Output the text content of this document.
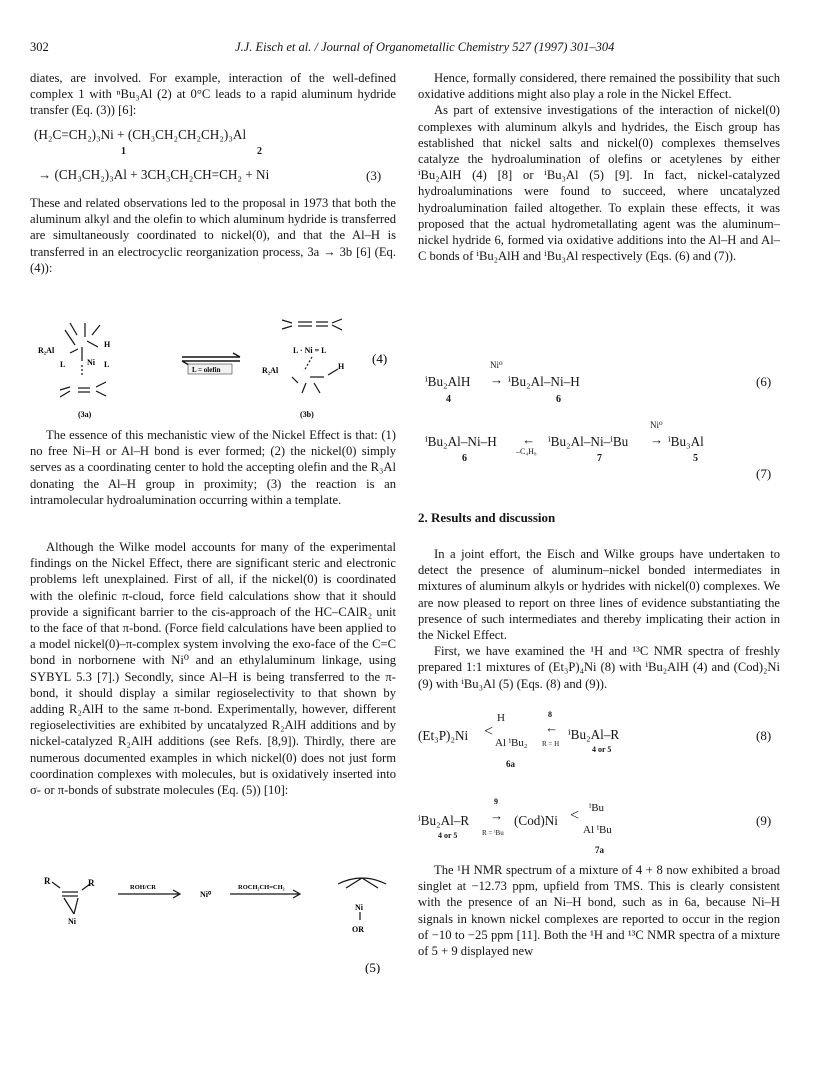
302	J.J. Eisch et al. / Journal of Organometallic Chemistry 527 (1997) 301–304

diates, are involved. For example, interaction of the well-defined complex 1 with ⁿBu₃Al (2) at 0°C leads to a rapid aluminum hydride transfer (Eq. (3)) [6]:

(H₂C=CH₂)₃Ni + (CH₃CH₂CH₂CH₂)₃Al
1	2
→ (CH₃CH₂)₃Al + 3CH₃CH₂CH=CH₂ + Ni	(3)

These and related observations led to the proposal in 1973 that both the aluminum alkyl and the olefin to which aluminum hydride is transferred are simultaneously coordinated to nickel(0), and that the Al–H is transferred in an electrocyclic reorganization process, 3a → 3b [6] (Eq. (4)):

R₂Al
H
Ni
L	L
(3a)
L = olefin
L · Ni = L
R₂Al	H
(3b)
(4)

The essence of this mechanistic view of the Nickel Effect is that: (1) no free Ni–H or Al–H bond is ever formed; (2) the nickel(0) simply serves as a coordinating center to hold the accepting olefin and the R₃Al donating the Al–H group in proximity; (3) the reaction is an intramolecular hydroalumination occurring within a template.

Although the Wilke model accounts for many of the experimental findings on the Nickel Effect, there are significant steric and electronic problems left unexplained. First of all, if the nickel(0) is coordinated with the olefinic π-cloud, force field calculations show that it should provide a significant barrier to the cis-approach of the HC–CAlR₂ unit to the face of that π-bond. (Force field calculations have been applied to a model nickel(0)–π-complex system involving the exo-face of the C=C bond in norbornene with Ni⁰ and an ethylaluminum linkage, using SYBYL 5.3 [7].) Secondly, since Al–H is being transferred to the π-bond, it should display a similar regioselectivity to that shown by adding R₂AlH to the same π-bond. Experimentally, however, different regioselectivities are exhibited by uncatalyzed R₂AlH additions and by nickel-catalyzed R₂AlH additions (see Refs. [8,9]). Thirdly, there are numerous documented examples in which nickel(0) does not just form coordination complexes with molecules, but is oxidatively inserted into σ- or π-bonds of substrate molecules (Eq. (5)) [10]:

R	R
Ni
ROH/CR
Ni⁰
ROCH₂CH=CH₂
Ni
OR
(5)

Hence, formally considered, there remained the possibility that such oxidative additions might also play a role in the Nickel Effect.

As part of extensive investigations of the interaction of nickel(0) complexes with aluminum alkyls and hydrides, the Eisch group has established that nickel salts and nickel(0) complexes themselves catalyze the hydroalumination of olefins or acetylenes by either ⁱBu₂AlH (4) [8] or ⁱBu₃Al (5) [9]. In fact, nickel-catalyzed hydroaluminations were found to succeed, where uncatalyzed hydroalumination failed altogether. To explain these effects, it was proposed that the actual hydrometallating agent was the aluminum–nickel hydride 6, formed via oxidative additions into the Al–H and Al–C bonds of ⁱBu₂AlH and ⁱBu₃Al respectively (Eqs. (6) and (7)).

ⁱBu₂AlH
Ni⁰
→ ⁱBu₂Al–Ni–H
4	6
(6)
ⁱBu₂Al–Ni–H ←
–C₄H₈
ⁱBu₂Al–Ni–ⁱBu
Ni⁰
→ ⁱBu₃Al
6	7	5
(7)
2. Results and discussion

In a joint effort, the Eisch and Wilke groups have undertaken to detect the presence of aluminum–nickel bonded intermediates in mixtures of aluminum alkyls or hydrides with nickel(0) complexes. We are now pleased to report on three lines of evidence substantiating the presence of such intermediates and thereby implicating their action in the Nickel Effect.

First, we have examined the ¹H and ¹³C NMR spectra of freshly prepared 1:1 mixtures of (Et₃P)₄Ni (8) with ⁱBu₂AlH (4) and (Cod)₂Ni (9) with ⁱBu₃Al (5) (Eqs. (8) and (9)).

(Et₃P)₂Ni <
H
Al ⁱBu₂
8
←
R = H
ⁱBu₂Al–R
4 or 5
6a
(8)
ⁱBu₂Al–R
4 or 5
9
→
R = ⁱBu
(Cod)Ni < ⁱBu
Al ⁱBu
7a
(9)

The ¹H NMR spectrum of a mixture of 4 + 8 now exhibited a broad singlet at −12.73 ppm, upfield from TMS. This is clearly consistent with the presence of an Ni–H bond, such as in 6a, because Ni–H signals in known nickel complexes are reported to occur in the region of −10 to −25 ppm [11]. Both the ¹H and ¹³C NMR spectra of a mixture of 5 + 9 displayed new
